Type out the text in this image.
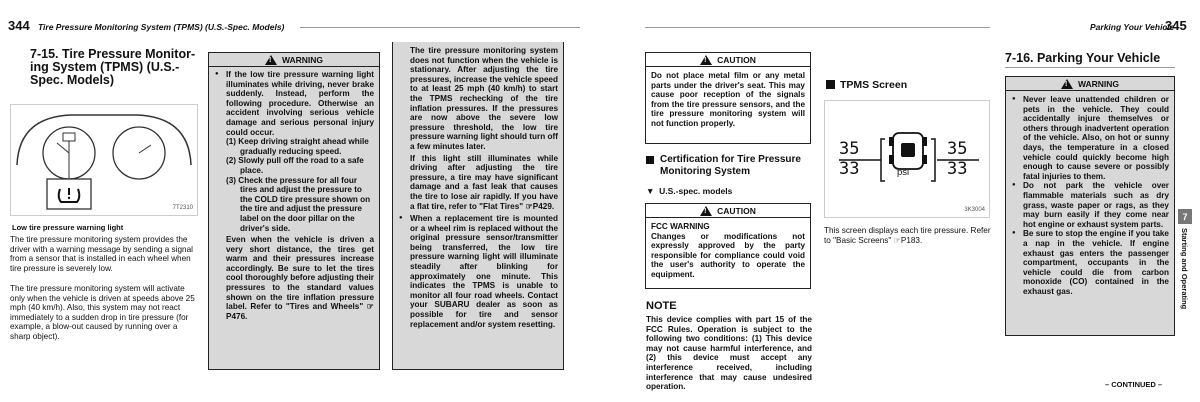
344 Tire Pressure Monitoring System (TPMS) (U.S.-Spec. Models)
7-15. Tire Pressure Monitor-ing System (TPMS) (U.S.-Spec. Models)
7T2310
Low tire pressure warning light
The tire pressure monitoring system provides the driver with a warning message by sending a signal from a sensor that is installed in each wheel when tire pressure is severely low.
The tire pressure monitoring system will activate only when the vehicle is driven at speeds above 25 mph (40 km/h). Also, this system may not react immediately to a sudden drop in tire pressure (for example, a blow-out caused by running over a sharp object).
!
WARNING
● If the low tire pressure warning light illuminates while driving, never brake suddenly. Instead, perform the following procedure. Otherwise an accident involving serious vehicle damage and serious personal injury could occur.
(1) Keep driving straight ahead while gradually reducing speed.
(2) Slowly pull off the road to a safe place.
(3) Check the pressure for all four tires and adjust the pressure to the COLD tire pressure shown on the tire and adjust the pressure label on the door pillar on the driver's side.
Even when the vehicle is driven a very short distance, the tires get warm and their pressures increase accordingly. Be sure to let the tires cool thoroughly before adjusting their pressures to the standard values shown on the tire inflation pressure label. Refer to "Tires and Wheels" ☞P476.
The tire pressure monitoring system does not function when the vehicle is stationary. After adjusting the tire pressures, increase the vehicle speed to at least 25 mph (40 km/h) to start the TPMS rechecking of the tire inflation pressures. If the pressures are now above the severe low pressure threshold, the low tire pressure warning light should turn off a few minutes later.
If this light still illuminates while driving after adjusting the tire pressure, a tire may have significant damage and a fast leak that causes the tire to lose air rapidly. If you have a flat tire, refer to "Flat Tires" ☞P429.
● When a replacement tire is mounted or a wheel rim is replaced without the original pressure sensor/transmitter being transferred, the low tire pressure warning light will illuminate steadily after blinking for approximately one minute. This indicates the TPMS is unable to monitor all four road wheels. Contact your SUBARU dealer as soon as possible for tire and sensor replacement and/or system resetting.
Parking Your Vehicle
345
!
CAUTION
Do not place metal film or any metal parts under the driver's seat. This may cause poor reception of the signals from the tire pressure sensors, and the tire pressure monitoring system will not function properly.
Certification for Tire Pressure Monitoring System
▼  U.S.-spec. models
!
CAUTION
FCC WARNING
Changes or modifications not expressly approved by the party responsible for compliance could void the user's authority to operate the equipment.
NOTE
This device complies with part 15 of the FCC Rules. Operation is subject to the following two conditions: (1) This device may not cause harmful interference, and (2) this device must accept any interference received, including interference that may cause undesired operation.
TPMS Screen
35
33
35
33
psi
3K3004
This screen displays each tire pressure. Refer to "Basic Screens" ☞P183.
7-16. Parking Your Vehicle
!
WARNING
● Never leave unattended children or pets in the vehicle. They could accidentally injure themselves or others through inadvertent operation of the vehicle. Also, on hot or sunny days, the temperature in a closed vehicle could quickly become high enough to cause severe or possibly fatal injuries to them.
● Do not park the vehicle over flammable materials such as dry grass, waste paper or rags, as they may burn easily if they come near hot engine or exhaust system parts.
● Be sure to stop the engine if you take a nap in the vehicle. If engine exhaust gas enters the passenger compartment, occupants in the vehicle could die from carbon monoxide (CO) contained in the exhaust gas.
7
Starting and Operating
– CONTINUED –
